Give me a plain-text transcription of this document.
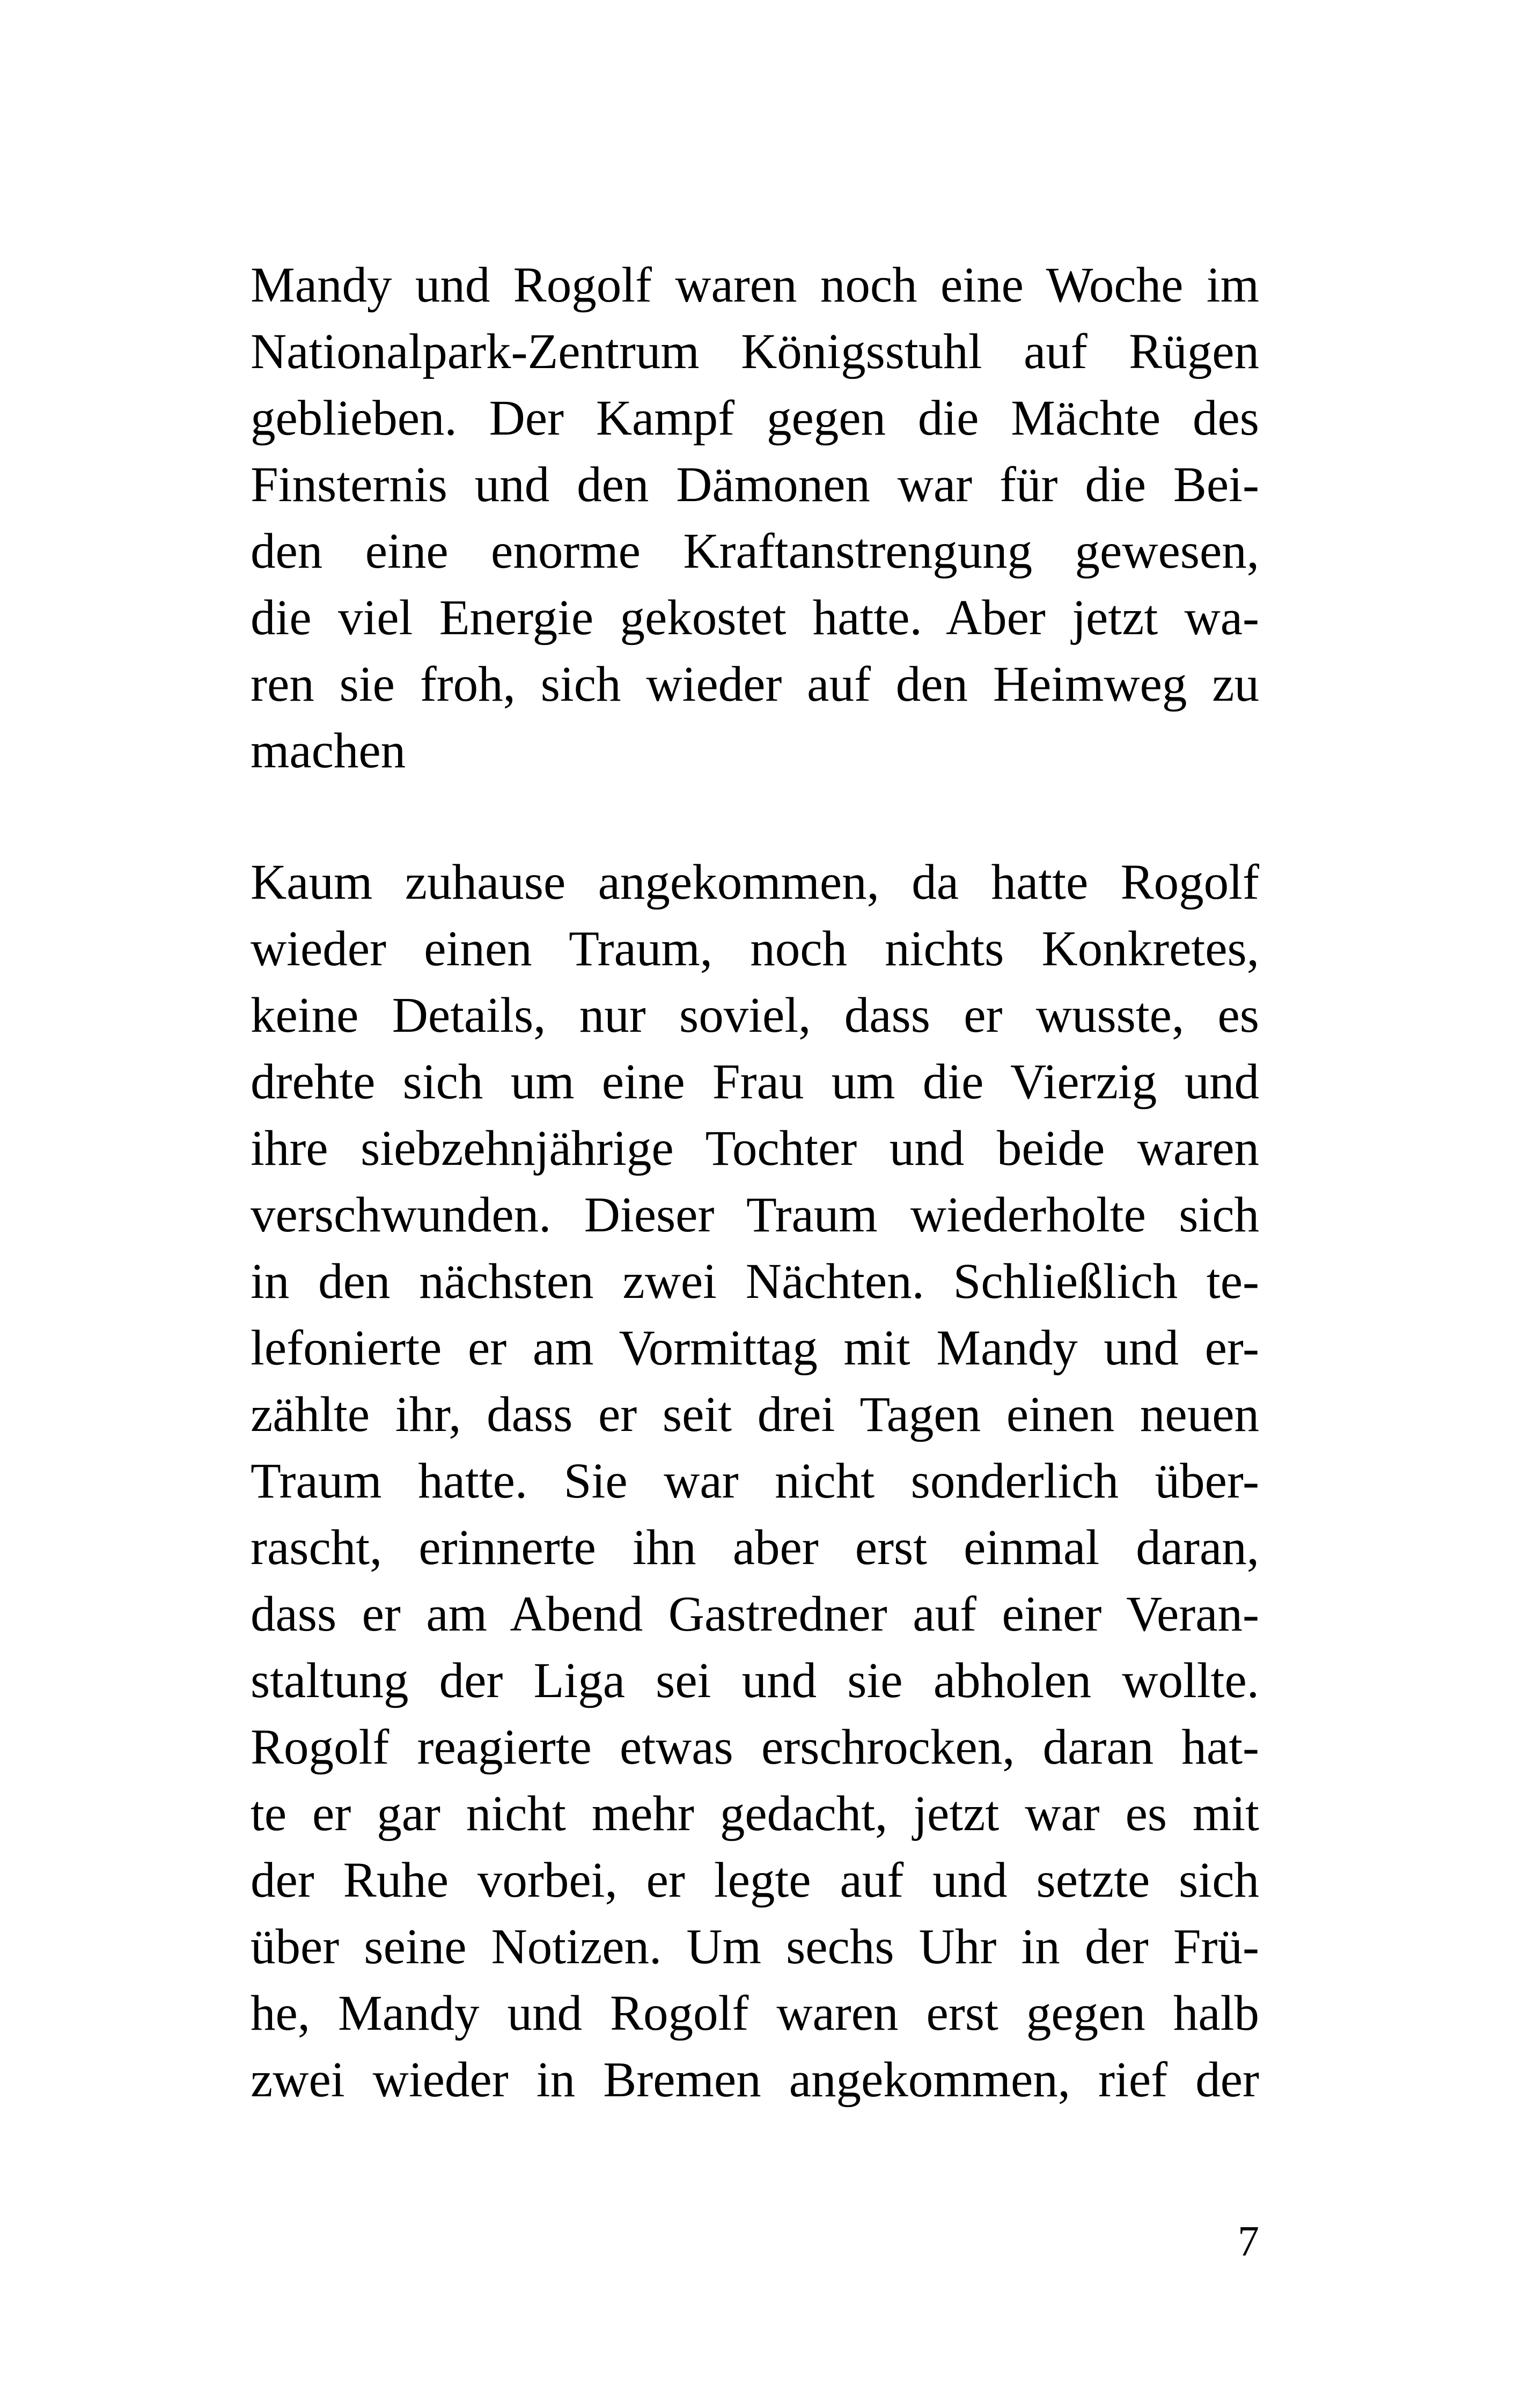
Mandy und Rogolf waren noch eine Woche im
Nationalpark-Zentrum Königsstuhl auf Rügen
geblieben. Der Kampf gegen die Mächte des
Finsternis und den Dämonen war für die Bei-
den eine enorme Kraftanstrengung gewesen,
die viel Energie gekostet hatte. Aber jetzt wa-
ren sie froh, sich wieder auf den Heimweg zu
machen
Kaum zuhause angekommen, da hatte Rogolf
wieder einen Traum, noch nichts Konkretes,
keine Details, nur soviel, dass er wusste, es
drehte sich um eine Frau um die Vierzig und
ihre siebzehnjährige Tochter und beide waren
verschwunden. Dieser Traum wiederholte sich
in den nächsten zwei Nächten. Schließlich te-
lefonierte er am Vormittag mit Mandy und er-
zählte ihr, dass er seit drei Tagen einen neuen
Traum hatte. Sie war nicht sonderlich über-
rascht, erinnerte ihn aber erst einmal daran,
dass er am Abend Gastredner auf einer Veran-
staltung der Liga sei und sie abholen wollte.
Rogolf reagierte etwas erschrocken, daran hat-
te er gar nicht mehr gedacht, jetzt war es mit
der Ruhe vorbei, er legte auf und setzte sich
über seine Notizen. Um sechs Uhr in der Frü-
he, Mandy und Rogolf waren erst gegen halb
zwei wieder in Bremen angekommen, rief der
7
